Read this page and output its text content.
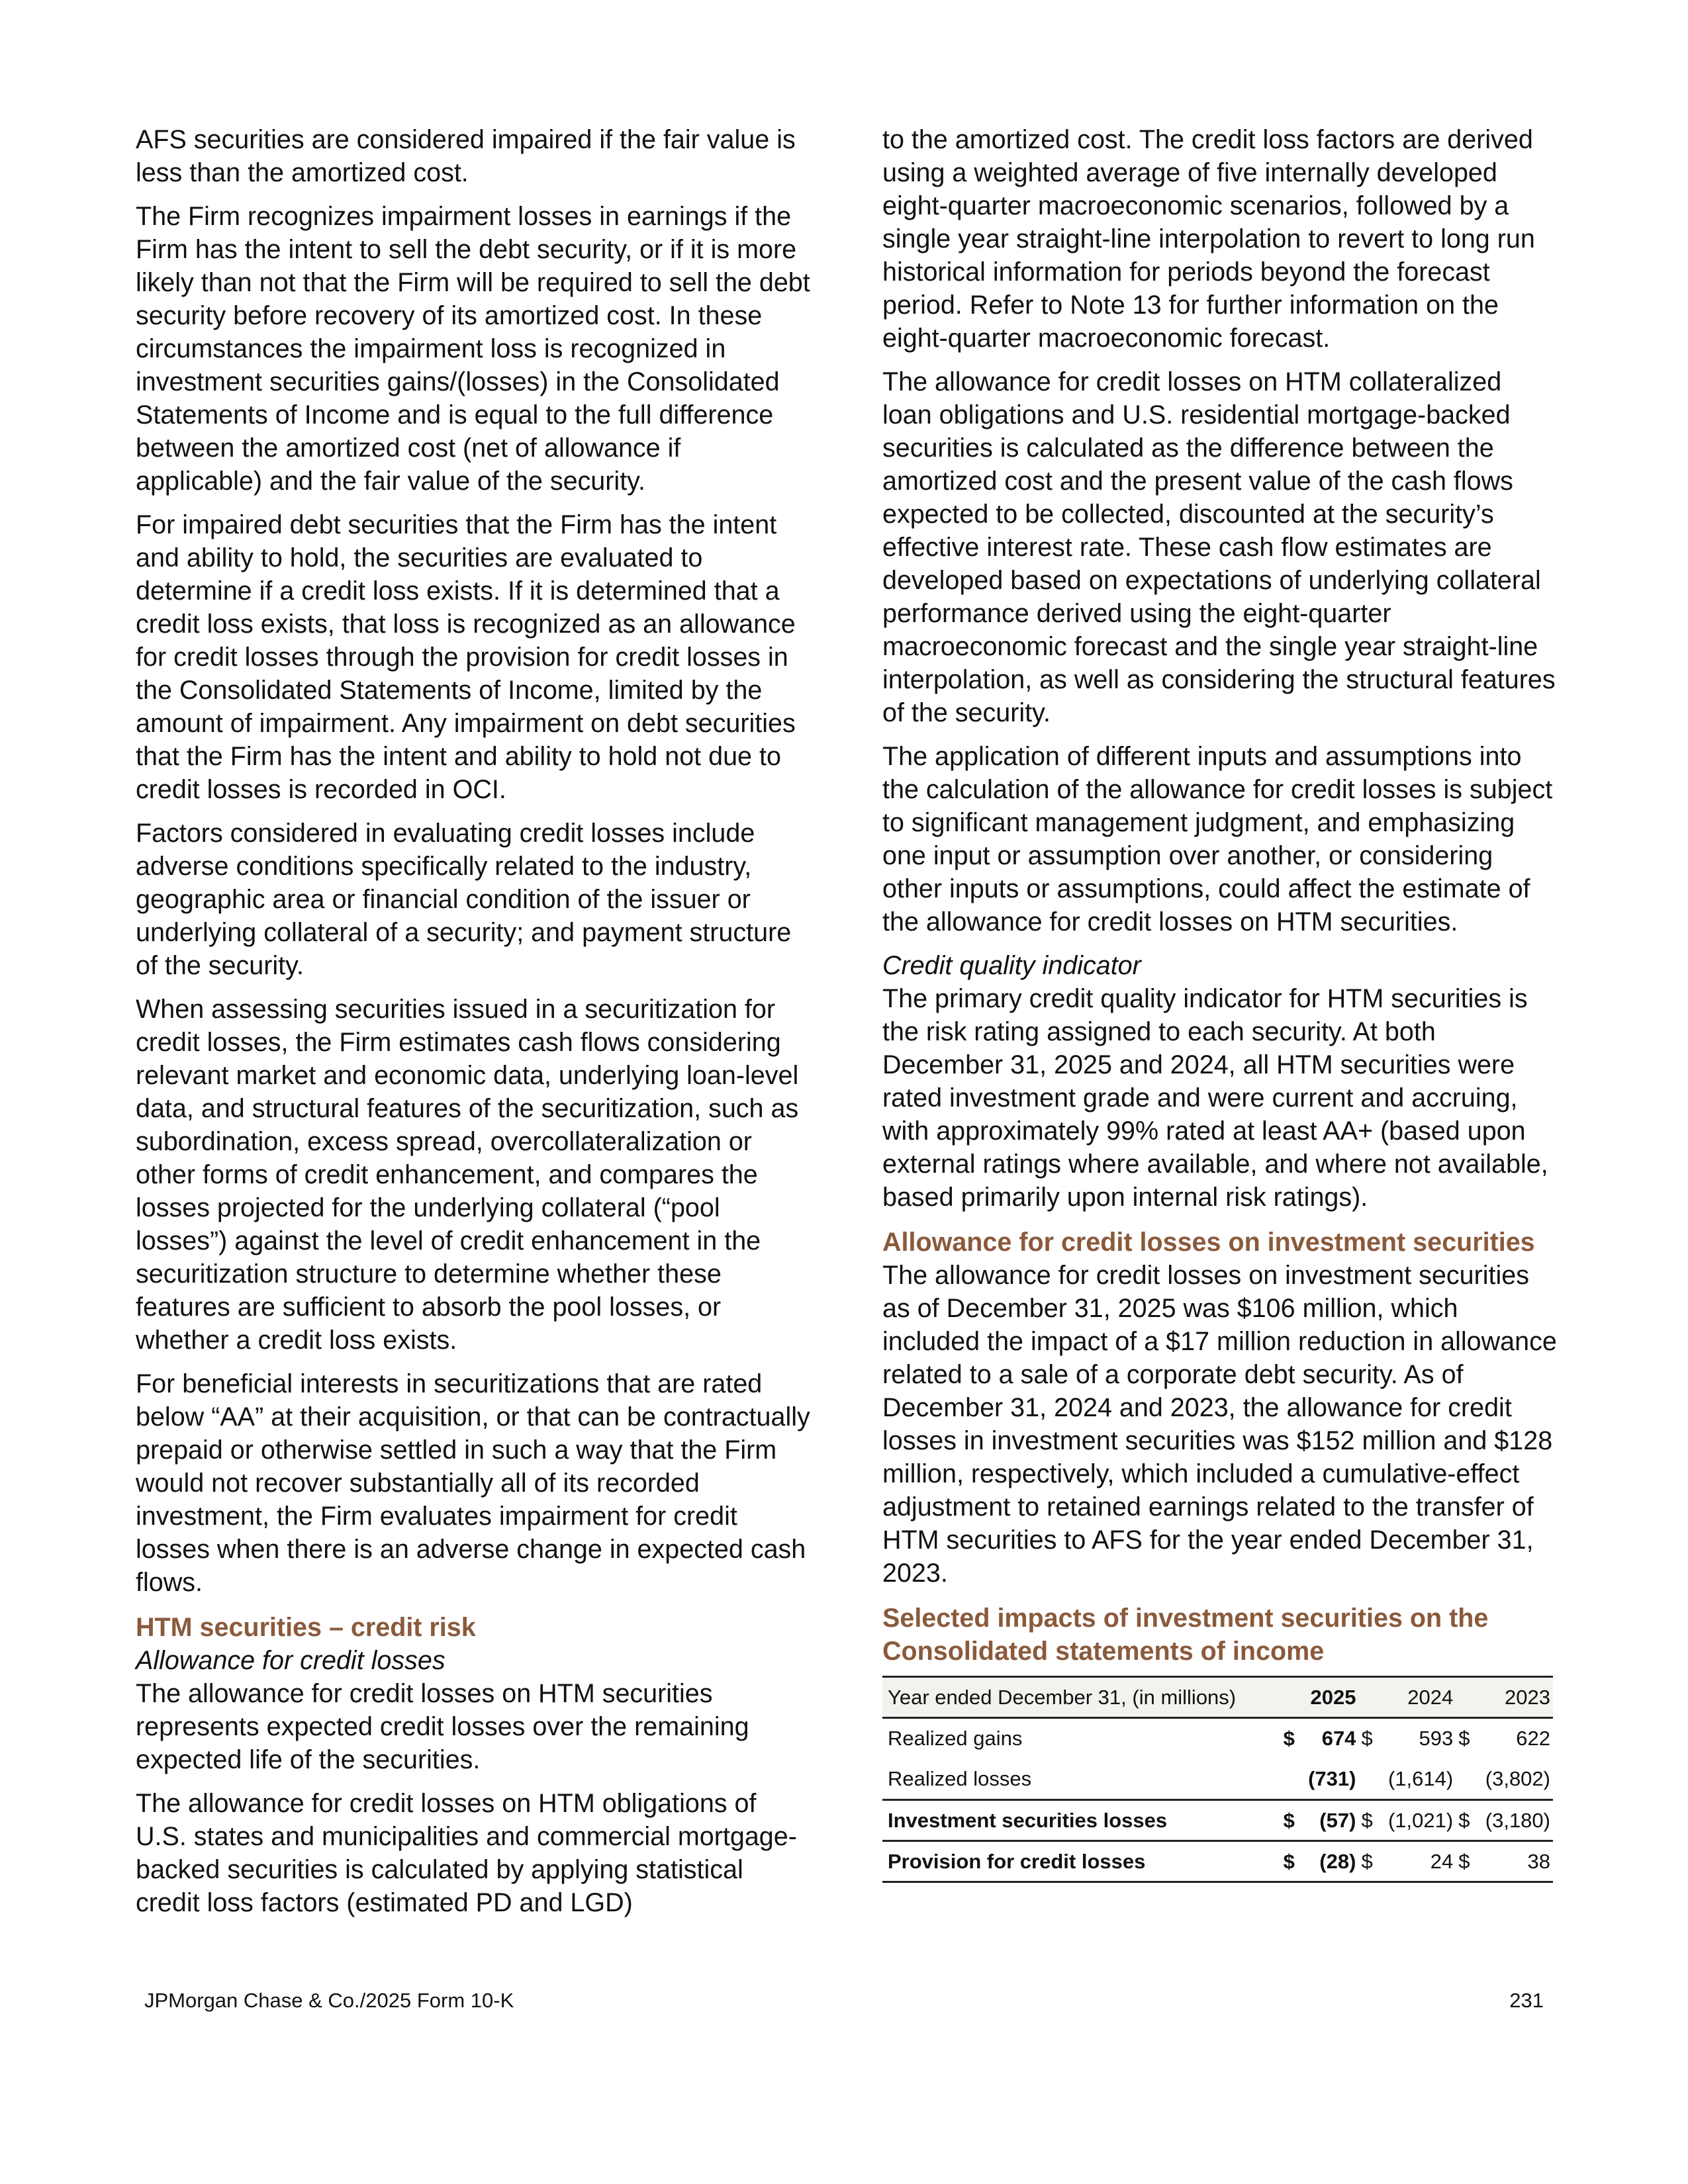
AFS securities are considered impaired if the fair value is less than the amortized cost.

The Firm recognizes impairment losses in earnings if the Firm has the intent to sell the debt security, or if it is more likely than not that the Firm will be required to sell the debt security before recovery of its amortized cost. In these circumstances the impairment loss is recognized in investment securities gains/(losses) in the Consolidated Statements of Income and is equal to the full difference between the amortized cost (net of allowance if applicable) and the fair value of the security.

For impaired debt securities that the Firm has the intent and ability to hold, the securities are evaluated to determine if a credit loss exists. If it is determined that a credit loss exists, that loss is recognized as an allowance for credit losses through the provision for credit losses in the Consolidated Statements of Income, limited by the amount of impairment. Any impairment on debt securities that the Firm has the intent and ability to hold not due to credit losses is recorded in OCI.

Factors considered in evaluating credit losses include adverse conditions specifically related to the industry, geographic area or financial condition of the issuer or underlying collateral of a security; and payment structure of the security.

When assessing securities issued in a securitization for credit losses, the Firm estimates cash flows considering relevant market and economic data, underlying loan-level data, and structural features of the securitization, such as subordination, excess spread, overcollateralization or other forms of credit enhancement, and compares the losses projected for the underlying collateral (“pool losses”) against the level of credit enhancement in the securitization structure to determine whether these features are sufficient to absorb the pool losses, or whether a credit loss exists.

For beneficial interests in securitizations that are rated below “AA” at their acquisition, or that can be contractually prepaid or otherwise settled in such a way that the Firm would not recover substantially all of its recorded investment, the Firm evaluates impairment for credit losses when there is an adverse change in expected cash flows.

HTM securities – credit risk

Allowance for credit losses

The allowance for credit losses on HTM securities represents expected credit losses over the remaining expected life of the securities.

The allowance for credit losses on HTM obligations of U.S. states and municipalities and commercial mortgage-backed securities is calculated by applying statistical credit loss factors (estimated PD and LGD)

to the amortized cost. The credit loss factors are derived using a weighted average of five internally developed eight-quarter macroeconomic scenarios, followed by a single year straight-line interpolation to revert to long run historical information for periods beyond the forecast period. Refer to Note 13 for further information on the eight-quarter macroeconomic forecast.

The allowance for credit losses on HTM collateralized loan obligations and U.S. residential mortgage-backed securities is calculated as the difference between the amortized cost and the present value of the cash flows expected to be collected, discounted at the security’s effective interest rate. These cash flow estimates are developed based on expectations of underlying collateral performance derived using the eight-quarter macroeconomic forecast and the single year straight-line interpolation, as well as considering the structural features of the security.

The application of different inputs and assumptions into the calculation of the allowance for credit losses is subject to significant management judgment, and emphasizing one input or assumption over another, or considering other inputs or assumptions, could affect the estimate of the allowance for credit losses on HTM securities.

Credit quality indicator

The primary credit quality indicator for HTM securities is the risk rating assigned to each security. At both December 31, 2025 and 2024, all HTM securities were rated investment grade and were current and accruing, with approximately 99% rated at least AA+ (based upon external ratings where available, and where not available, based primarily upon internal risk ratings).

Allowance for credit losses on investment securities

The allowance for credit losses on investment securities as of December 31, 2025 was $106 million, which included the impact of a $17 million reduction in allowance related to a sale of a corporate debt security. As of December 31, 2024 and 2023, the allowance for credit losses in investment securities was $152 million and $128 million, respectively, which included a cumulative-effect adjustment to retained earnings related to the transfer of HTM securities to AFS for the year ended December 31, 2023.

Selected impacts of investment securities on the Consolidated statements of income

Year ended December 31, (in millions)	2025		2024		2023	
Realized gains	$	674	$	593	$	622
Realized losses		(731)		(1,614)		(3,802)
Investment securities losses	$	(57)	$	(1,021)	$	(3,180)
Provision for credit losses	$	(28)	$	24	$	38
JPMorgan Chase & Co./2025 Form 10-K	231
